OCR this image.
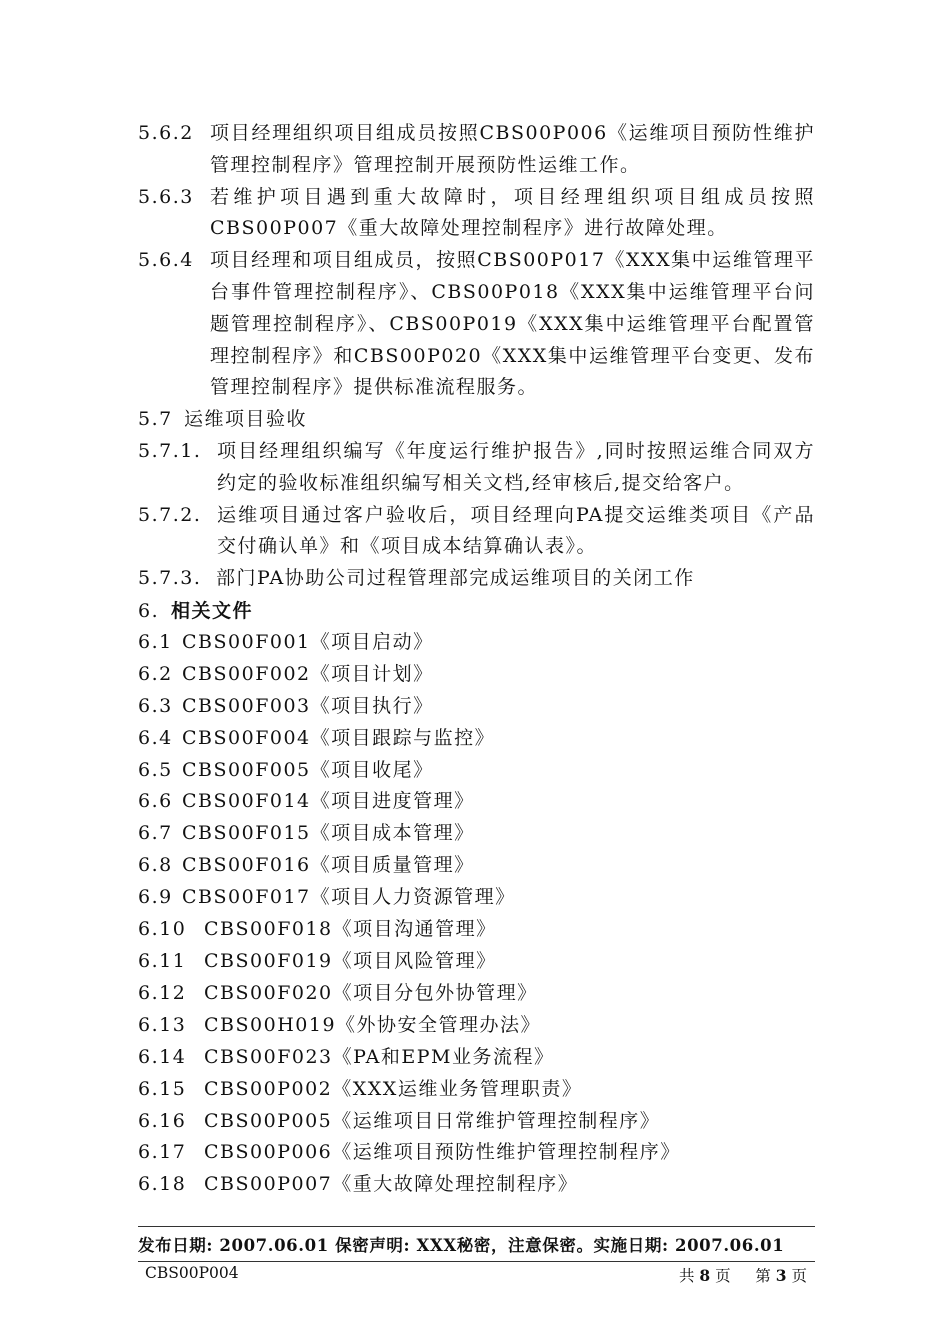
5.6.2 项目经理组织项目组成员按照CBS00P006《运维项目预防性维护管理控制程序》管理控制开展预防性运维工作。
5.6.3 若维护项目遇到重大故障时，项目经理组织项目组成员按照CBS00P007《重大故障处理控制程序》进行故障处理。
5.6.4 项目经理和项目组成员，按照CBS00P017《XXX集中运维管理平台事件管理控制程序》、CBS00P018《XXX集中运维管理平台问题管理控制程序》、CBS00P019《XXX集中运维管理平台配置管理控制程序》和CBS00P020《XXX集中运维管理平台变更、发布管理控制程序》提供标准流程服务。
5.7 运维项目验收
5.7.1. 项目经理组织编写《年度运行维护报告》,同时按照运维合同双方约定的验收标准组织编写相关文档,经审核后,提交给客户。
5.7.2. 运维项目通过客户验收后，项目经理向PA提交运维类项目《产品交付确认单》和《项目成本结算确认表》。
5.7.3. 部门PA协助公司过程管理部完成运维项目的关闭工作
6. 相关文件
6.1 CBS00F001《项目启动》
6.2 CBS00F002《项目计划》
6.3 CBS00F003《项目执行》
6.4 CBS00F004《项目跟踪与监控》
6.5 CBS00F005《项目收尾》
6.6 CBS00F014《项目进度管理》
6.7 CBS00F015《项目成本管理》
6.8 CBS00F016《项目质量管理》
6.9 CBS00F017《项目人力资源管理》
6.10 CBS00F018《项目沟通管理》
6.11 CBS00F019《项目风险管理》
6.12 CBS00F020《项目分包外协管理》
6.13 CBS00H019《外协安全管理办法》
6.14 CBS00F023《PA和EPM业务流程》
6.15 CBS00P002《XXX运维业务管理职责》
6.16 CBS00P005《运维项目日常维护管理控制程序》
6.17 CBS00P006《运维项目预防性维护管理控制程序》
6.18 CBS00P007《重大故障处理控制程序》
发布日期: 2007.06.01 保密声明: XXX秘密，注意保密。实施日期: 2007.06.01
CBS00P004	共 8 页 第 3 页
